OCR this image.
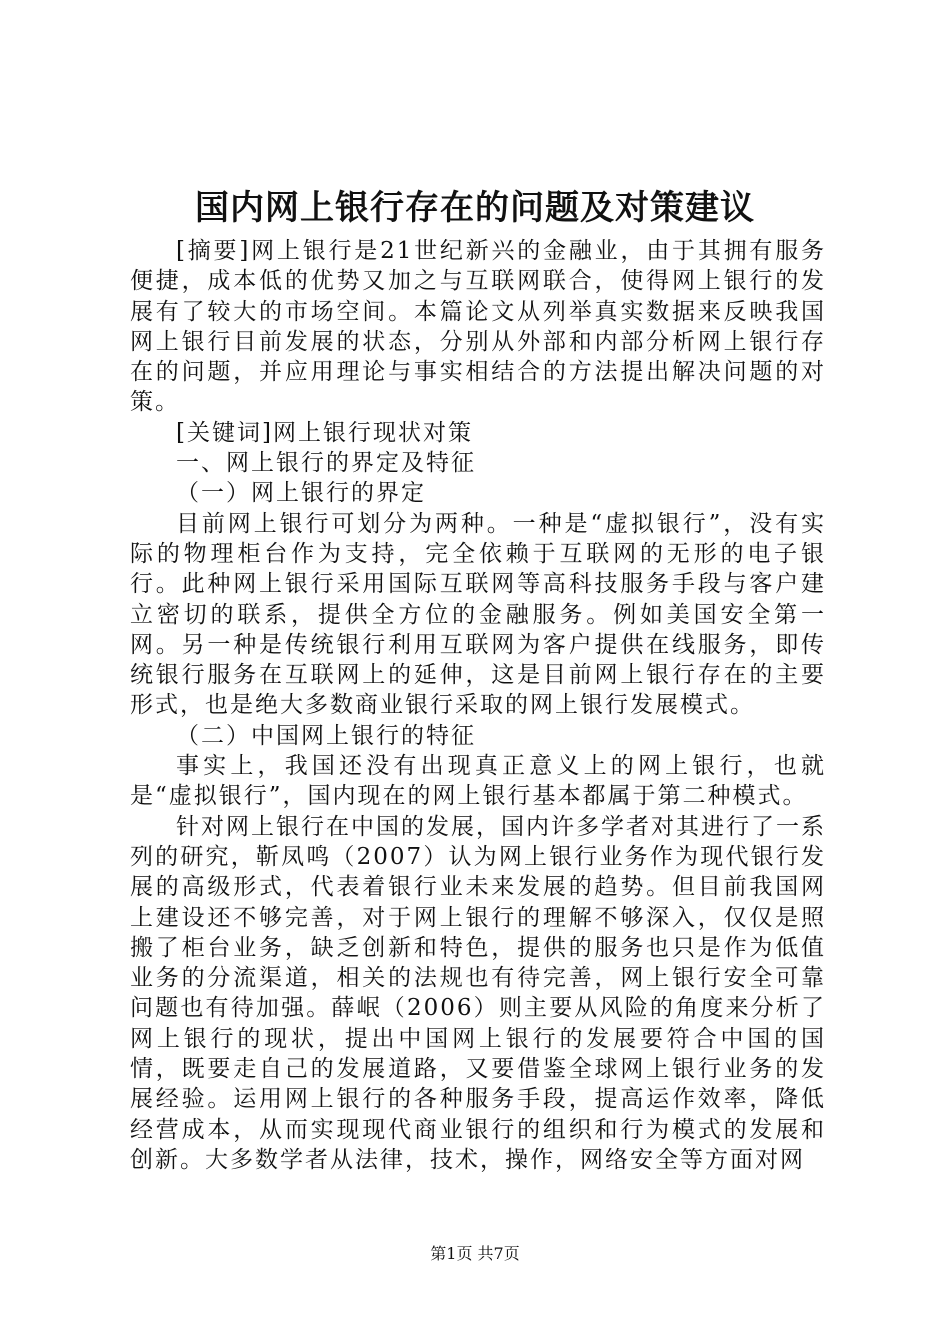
国内网上银行存在的问题及对策建议

[摘要]网上银行是21世纪新兴的金融业，由于其拥有服务便捷，成本低的优势又加之与互联网联合，使得网上银行的发展有了较大的市场空间。本篇论文从列举真实数据来反映我国网上银行目前发展的状态，分别从外部和内部分析网上银行存在的问题，并应用理论与事实相结合的方法提出解决问题的对策。

[关键词]网上银行现状对策

一、网上银行的界定及特征

（一）网上银行的界定

目前网上银行可划分为两种。一种是“虚拟银行”，没有实际的物理柜台作为支持，完全依赖于互联网的无形的电子银行。此种网上银行采用国际互联网等高科技服务手段与客户建立密切的联系，提供全方位的金融服务。例如美国安全第一网。另一种是传统银行利用互联网为客户提供在线服务，即传统银行服务在互联网上的延伸，这是目前网上银行存在的主要形式，也是绝大多数商业银行采取的网上银行发展模式。

（二）中国网上银行的特征

事实上，我国还没有出现真正意义上的网上银行，也就是“虚拟银行”，国内现在的网上银行基本都属于第二种模式。

针对网上银行在中国的发展，国内许多学者对其进行了一系列的研究，靳凤鸣（2007）认为网上银行业务作为现代银行发展的高级形式，代表着银行业未来发展的趋势。但目前我国网上建设还不够完善，对于网上银行的理解不够深入，仅仅是照搬了柜台业务，缺乏创新和特色，提供的服务也只是作为低值业务的分流渠道，相关的法规也有待完善，网上银行安全可靠问题也有待加强。薛岷（2006）则主要从风险的角度来分析了网上银行的现状，提出中国网上银行的发展要符合中国的国情，既要走自己的发展道路，又要借鉴全球网上银行业务的发展经验。运用网上银行的各种服务手段，提高运作效率，降低经营成本，从而实现现代商业银行的组织和行为模式的发展和创新。大多数学者从法律，技术，操作，网络安全等方面对网

第1页 共7页
